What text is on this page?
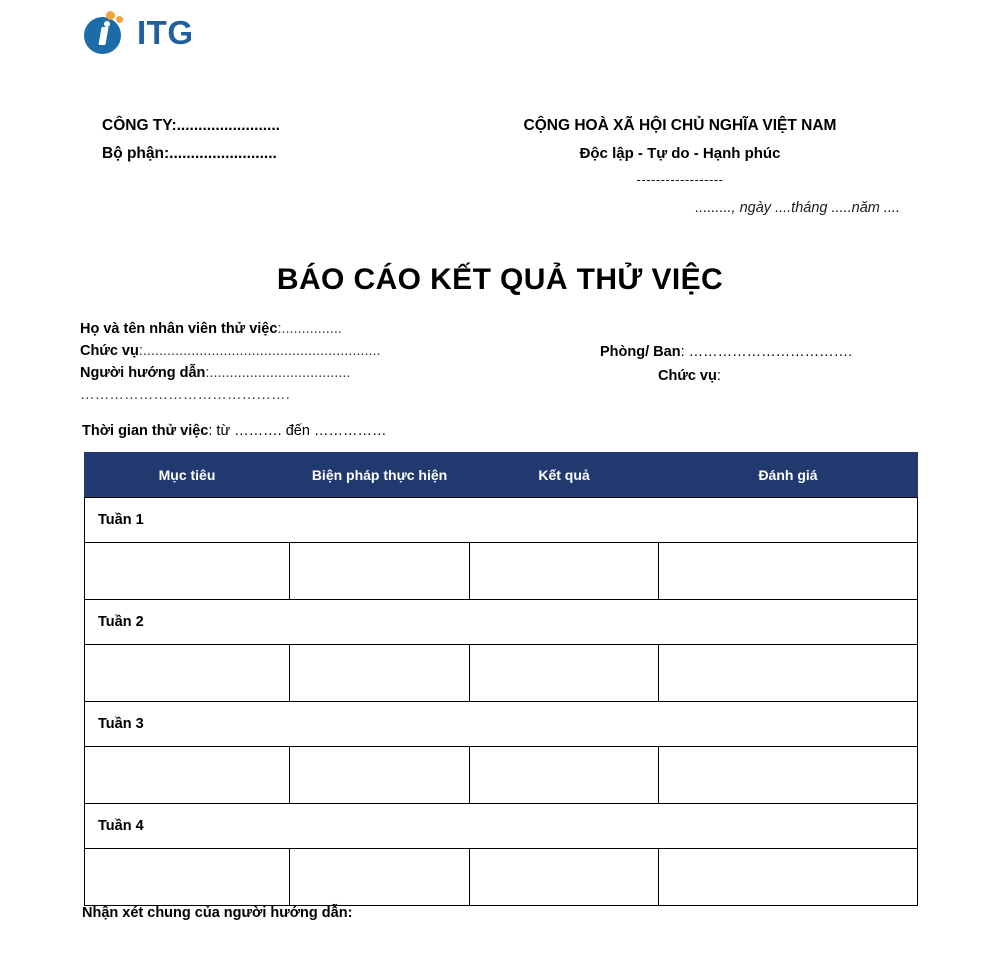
ITG
CÔNG TY:........................
Bộ phận:.........................
CỘNG HOÀ XÃ HỘI CHỦ NGHĨA VIỆT NAM
Độc lập - Tự do - Hạnh phúc
------------------
........., ngày ....tháng .....năm ....
BÁO CÁO KẾT QUẢ THỬ VIỆC
Họ và tên nhân viên thử việc:...............
Chức vụ:...........................................................
Người hướng dẫn:...................................
…………………………………….
Phòng/ Ban: …………………………….
Chức vụ:
Thời gian thử việc: từ ………. đến ……………
Mục tiêu	Biện pháp thực hiện	Kết quả	Đánh giá
Tuần 1			

Tuần 2			

Tuần 3			

Tuần 4			

Nhận xét chung của người hướng dẫn:
